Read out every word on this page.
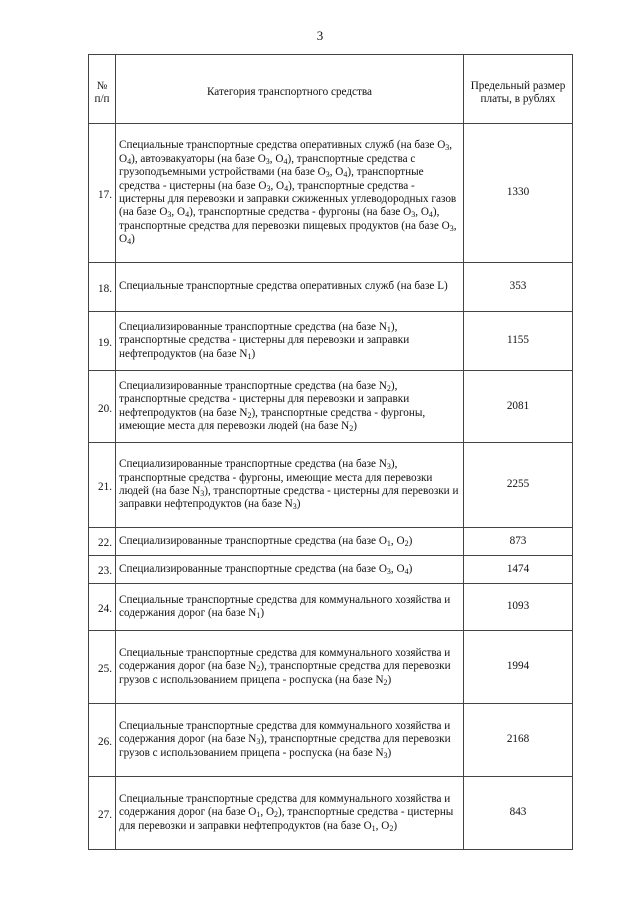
3
№ п/п	Категория транспортного средства	Предельный размер платы, в рублях
17.	Специальные транспортные средства оперативных служб (на базе $O_3$, $O_4$), автоэвакуаторы (на базе $O_3$, $O_4$), транспортные средства с грузоподъемными устройствами (на базе $O_3$, $O_4$), транспортные средства - цистерны (на базе $O_3$, $O_4$), транспортные средства - цистерны для перевозки и заправки сжиженных углеводородных газов (на базе $O_3$, $O_4$), транспортные средства - фургоны (на базе $O_3$, $O_4$), транспортные средства для перевозки пищевых продуктов (на базе $O_3$, $O_4$)	1330
18.	Специальные транспортные средства оперативных служб (на базе L)	353
19.	Специализированные транспортные средства (на базе $N_1$), транспортные средства - цистерны для перевозки и заправки нефтепродуктов (на базе $N_1$)	1155
20.	Специализированные транспортные средства (на базе $N_2$), транспортные средства - цистерны для перевозки и заправки нефтепродуктов (на базе $N_2$), транспортные средства - фургоны, имеющие места для перевозки людей (на базе $N_2$)	2081
21.	Специализированные транспортные средства (на базе $N_3$), транспортные средства - фургоны, имеющие места для перевозки людей (на базе $N_3$), транспортные средства - цистерны для перевозки и заправки нефтепродуктов (на базе $N_3$)	2255
22.	Специализированные транспортные средства (на базе $O_1$, $O_2$)	873
23.	Специализированные транспортные средства (на базе $O_3$, $O_4$)	1474
24.	Специальные транспортные средства для коммунального хозяйства и содержания дорог (на базе $N_1$)	1093
25.	Специальные транспортные средства для коммунального хозяйства и содержания дорог (на базе $N_2$), транспортные средства для перевозки грузов с использованием прицепа - роспуска (на базе $N_2$)	1994
26.	Специальные транспортные средства для коммунального хозяйства и содержания дорог (на базе $N_3$), транспортные средства для перевозки грузов с использованием прицепа - роспуска (на базе $N_3$)	2168
27.	Специальные транспортные средства для коммунального хозяйства и содержания дорог (на базе $O_1$, $O_2$), транспортные средства - цистерны для перевозки и заправки нефтепродуктов (на базе $O_1$, $O_2$)	843
